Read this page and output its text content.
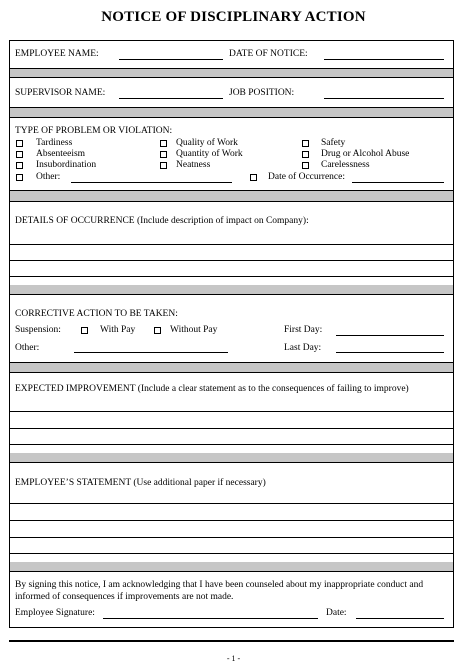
NOTICE OF DISCIPLINARY ACTION
EMPLOYEE NAME:	DATE OF NOTICE:
SUPERVISOR NAME:	JOB POSITION:
TYPE OF PROBLEM OR VIOLATION:
Tardiness
Absenteeism
Insubordination
Other:
Quality of Work
Quantity of Work
Neatness
Safety
Drug or Alcohol Abuse
Carelessness
Date of Occurrence:
DETAILS OF OCCURRENCE (Include description of impact on Company):
CORRECTIVE ACTION TO BE TAKEN:
Suspension:	With Pay	Without Pay	First Day:
Other:	Last Day:
EXPECTED IMPROVEMENT (Include a clear statement as to the consequences of failing to improve)
EMPLOYEE’S STATEMENT (Use additional paper if necessary)
By signing this notice, I am acknowledging that I have been counseled about my inappropriate conduct and
informed of consequences if improvements are not made.
Employee Signature:	Date:
- 1 -
